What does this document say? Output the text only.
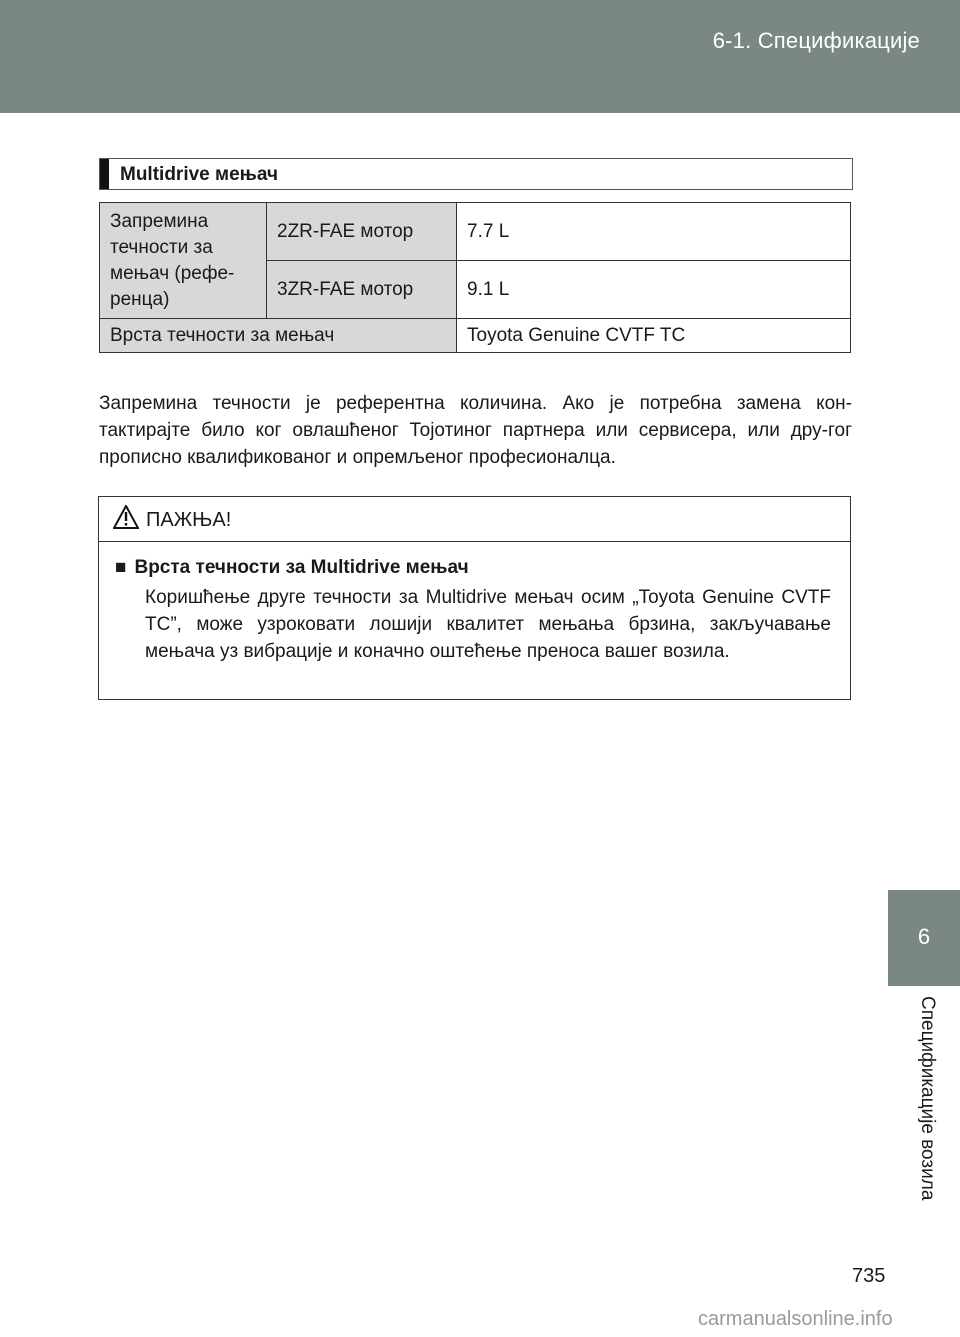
6-1. Спецификације
6
Спецификације возила
Multidrive мењач
Запремина течности за мењач (рефе-ренца)	2ZR-FAE мотор	7.7 L
	3ZR-FAE мотор	9.1 L
Врста течности за мењач		Toyota Genuine CVTF TC
Запремина течности је референтна количина. Ако је потребна замена кон-тактирајте било ког овлашћеног Тојотиног партнера или сервисера, или дру-гог прописно квалификованог и опремљеног професионалца.
ПАЖЊА!
■ Врста течности за Multidrive мењач
Коришћење друге течности за Multidrive мењач осим „Toyota Genuine CVTF TC”, може узроковати лошији квалитет мењања брзина, закључавање мењача уз вибрације и коначно оштећење преноса вашег возила.
735
carmanualsonline.info
